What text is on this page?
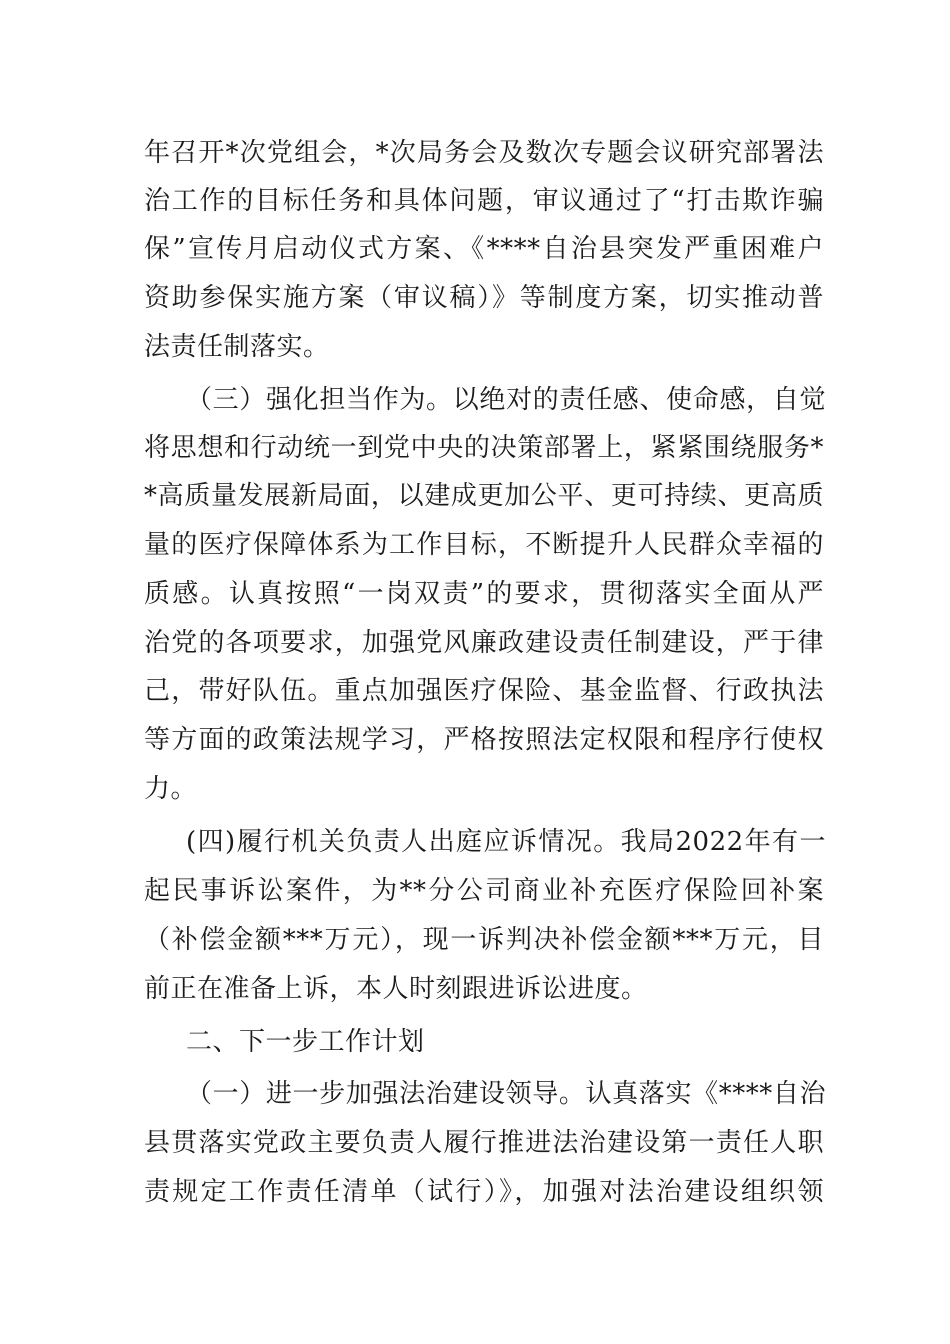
年召开*次党组会，*次局务会及数次专题会议研究部署法
治工作的目标任务和具体问题，审议通过了“打击欺诈骗
保”宣传月启动仪式方案、《****自治县突发严重困难户
资助参保实施方案（审议稿）》等制度方案，切实推动普
法责任制落实。
（三）强化担当作为。以绝对的责任感、使命感，自觉
将思想和行动统一到党中央的决策部署上，紧紧围绕服务*
*高质量发展新局面，以建成更加公平、更可持续、更高质
量的医疗保障体系为工作目标，不断提升人民群众幸福的
质感。认真按照“一岗双责”的要求，贯彻落实全面从严
治党的各项要求，加强党风廉政建设责任制建设，严于律
己，带好队伍。重点加强医疗保险、基金监督、行政执法
等方面的政策法规学习，严格按照法定权限和程序行使权
力。
(四)履行机关负责人出庭应诉情况。我局2022年有一
起民事诉讼案件，为**分公司商业补充医疗保险回补案
（补偿金额***万元），现一诉判决补偿金额***万元，目
前正在准备上诉，本人时刻跟进诉讼进度。
二、下一步工作计划
（一）进一步加强法治建设领导。认真落实《****自治
县贯落实党政主要负责人履行推进法治建设第一责任人职
责规定工作责任清单（试行）》，加强对法治建设组织领
